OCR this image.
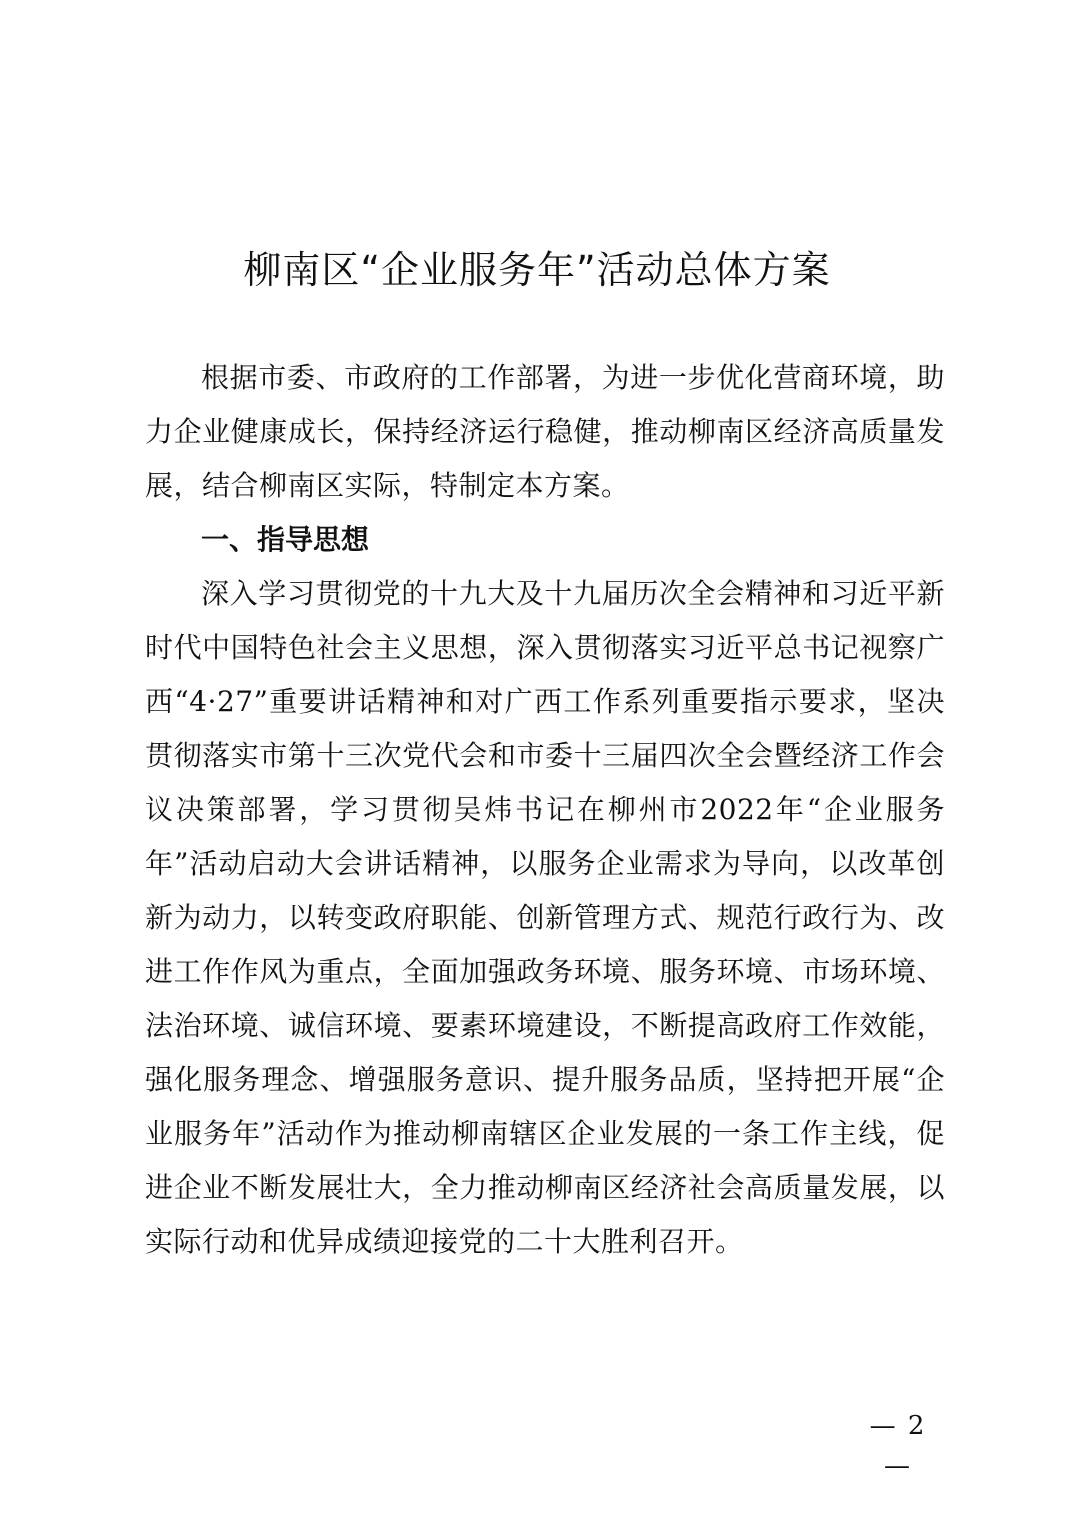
柳南区“企业服务年”活动总体方案

根据市委、市政府的工作部署，为进一步优化营商环境，助力企业健康成长，保持经济运行稳健，推动柳南区经济高质量发展，结合柳南区实际，特制定本方案。

一、指导思想

深入学习贯彻党的十九大及十九届历次全会精神和习近平新时代中国特色社会主义思想，深入贯彻落实习近平总书记视察广西“4·27”重要讲话精神和对广西工作系列重要指示要求，坚决贯彻落实市第十三次党代会和市委十三届四次全会暨经济工作会议决策部署，学习贯彻吴炜书记在柳州市2022年“企业服务年”活动启动大会讲话精神，以服务企业需求为导向，以改革创新为动力，以转变政府职能、创新管理方式、规范行政行为、改进工作作风为重点，全面加强政务环境、服务环境、市场环境、法治环境、诚信环境、要素环境建设，不断提高政府工作效能，强化服务理念、增强服务意识、提升服务品质，坚持把开展“企业服务年”活动作为推动柳南辖区企业发展的一条工作主线，促进企业不断发展壮大，全力推动柳南区经济社会高质量发展，以实际行动和优异成绩迎接党的二十大胜利召开。

— 2 —
